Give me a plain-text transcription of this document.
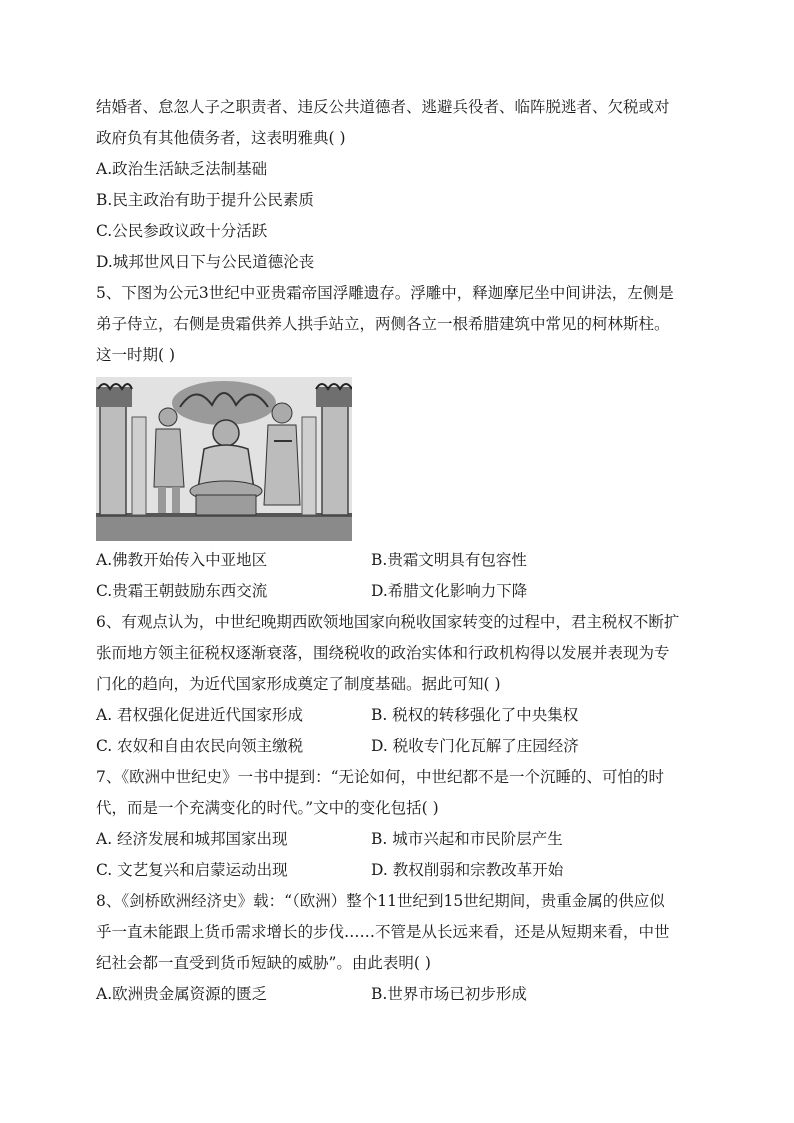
结婚者、怠忽人子之职责者、违反公共道德者、逃避兵役者、临阵脱逃者、欠税或对
政府负有其他债务者，这表明雅典( )
A.政治生活缺乏法制基础
B.民主政治有助于提升公民素质
C.公民参政议政十分活跃
D.城邦世风日下与公民道德沦丧
5、下图为公元3世纪中亚贵霜帝国浮雕遗存。浮雕中，释迦摩尼坐中间讲法，左侧是
弟子侍立，右侧是贵霜供养人拱手站立，两侧各立一根希腊建筑中常见的柯林斯柱。
这一时期( )
A.佛教开始传入中亚地区	B.贵霜文明具有包容性
C.贵霜王朝鼓励东西交流	D.希腊文化影响力下降
6、有观点认为，中世纪晚期西欧领地国家向税收国家转变的过程中，君主税权不断扩
张而地方领主征税权逐渐衰落，围绕税收的政治实体和行政机构得以发展并表现为专
门化的趋向，为近代国家形成奠定了制度基础。据此可知( )
A. 君权强化促进近代国家形成	B. 税权的转移强化了中央集权
C. 农奴和自由农民向领主缴税	D. 税收专门化瓦解了庄园经济
7、《欧洲中世纪史》一书中提到：“无论如何，中世纪都不是一个沉睡的、可怕的时
代，而是一个充满变化的时代。”文中的变化包括( )
A. 经济发展和城邦国家出现	B. 城市兴起和市民阶层产生
C. 文艺复兴和启蒙运动出现	D. 教权削弱和宗教改革开始
8、《剑桥欧洲经济史》载：“（欧洲）整个11世纪到15世纪期间，贵重金属的供应似
乎一直未能跟上货币需求增长的步伐……不管是从长远来看，还是从短期来看，中世
纪社会都一直受到货币短缺的威胁”。由此表明( )
A.欧洲贵金属资源的匮乏	B.世界市场已初步形成
